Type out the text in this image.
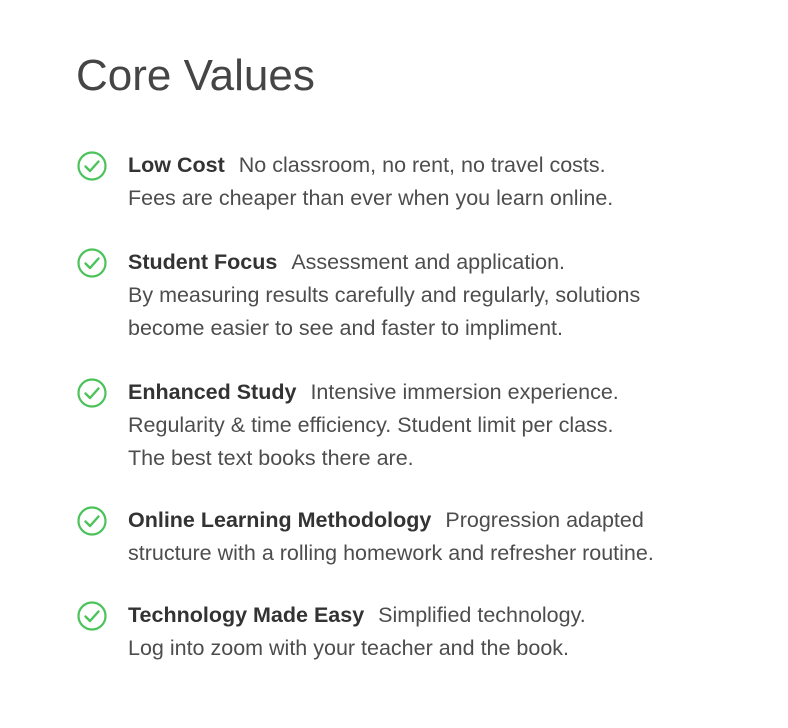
Core Values
Low Cost No classroom, no rent, no travel costs.
Fees are cheaper than ever when you learn online.
Student Focus Assessment and application.
By measuring results carefully and regularly, solutions
become easier to see and faster to impliment.
Enhanced Study Intensive immersion experience.
Regularity & time efficiency. Student limit per class.
The best text books there are.
Online Learning Methodology Progression adapted
structure with a rolling homework and refresher routine.
Technology Made Easy Simplified technology.
Log into zoom with your teacher and the book.
